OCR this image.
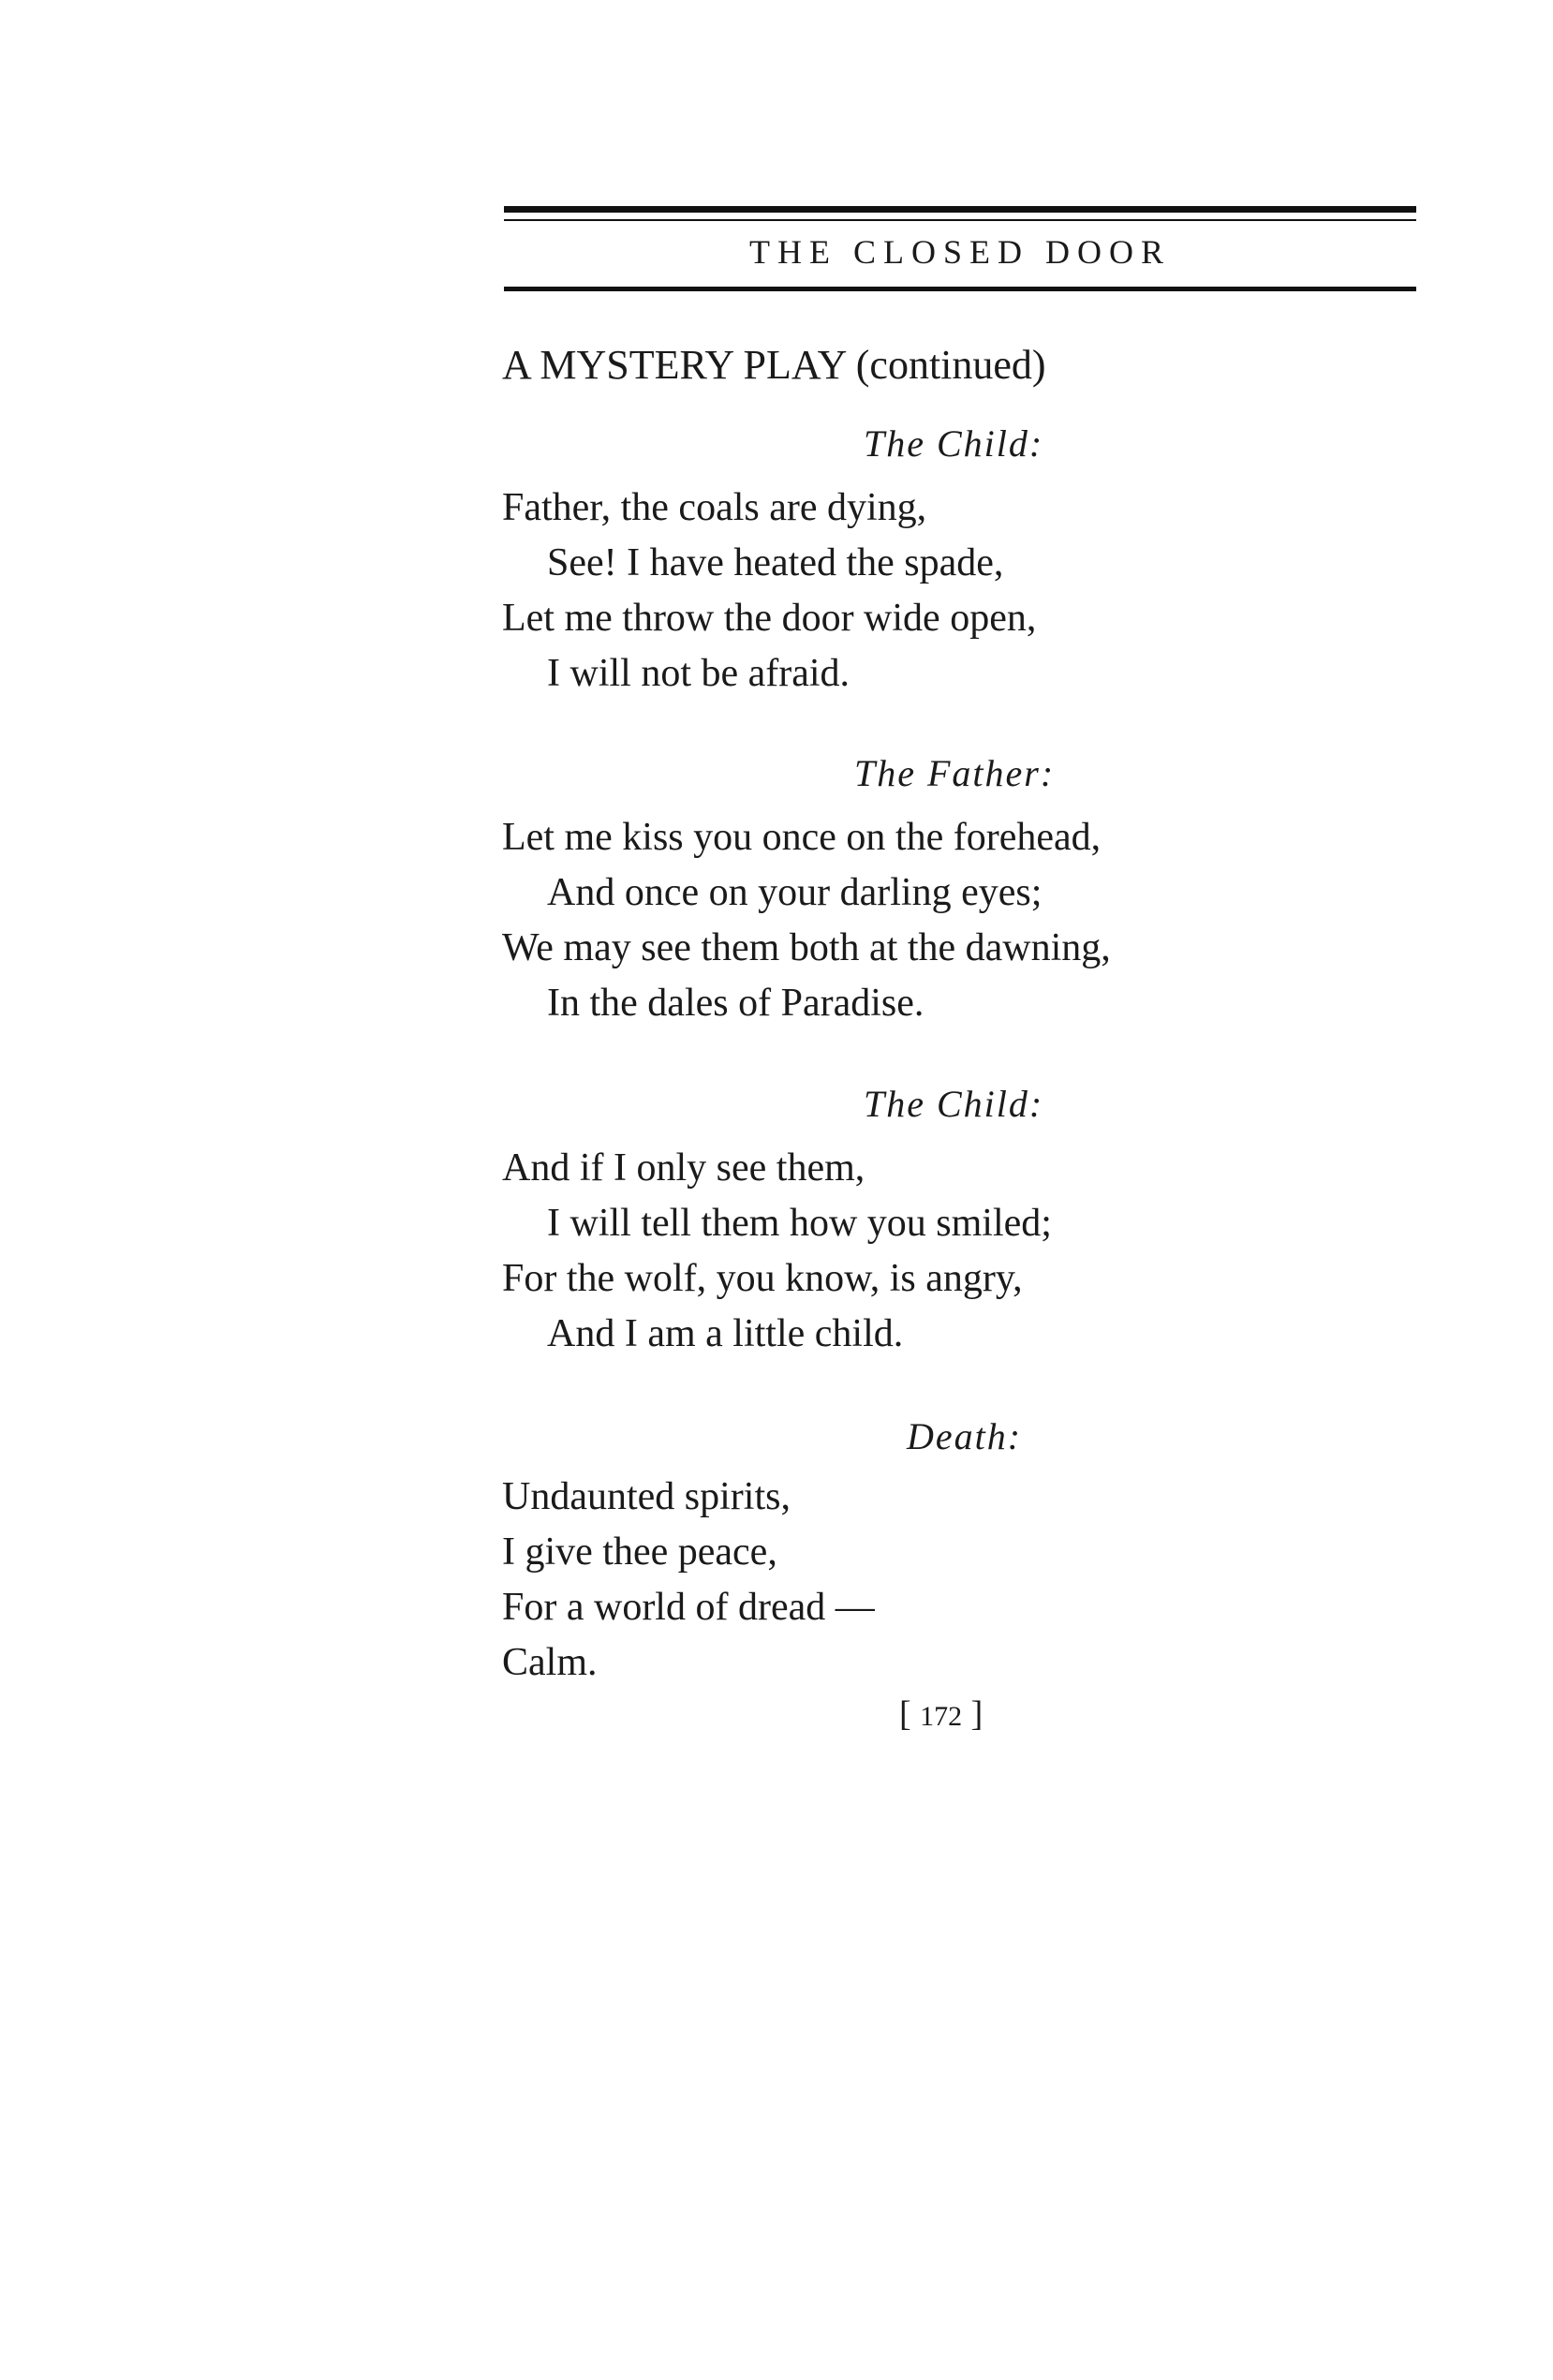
THE CLOSED DOOR
A MYSTERY PLAY (continued)
The Child:
Father, the coals are dying,
See! I have heated the spade,
Let me throw the door wide open,
I will not be afraid.
The Father:
Let me kiss you once on the forehead,
And once on your darling eyes;
We may see them both at the dawning,
In the dales of Paradise.
The Child:
And if I only see them,
I will tell them how you smiled;
For the wolf, you know, is angry,
And I am a little child.
Death:
Undaunted spirits,
I give thee peace,
For a world of dread —
Calm.
[ 172 ]
